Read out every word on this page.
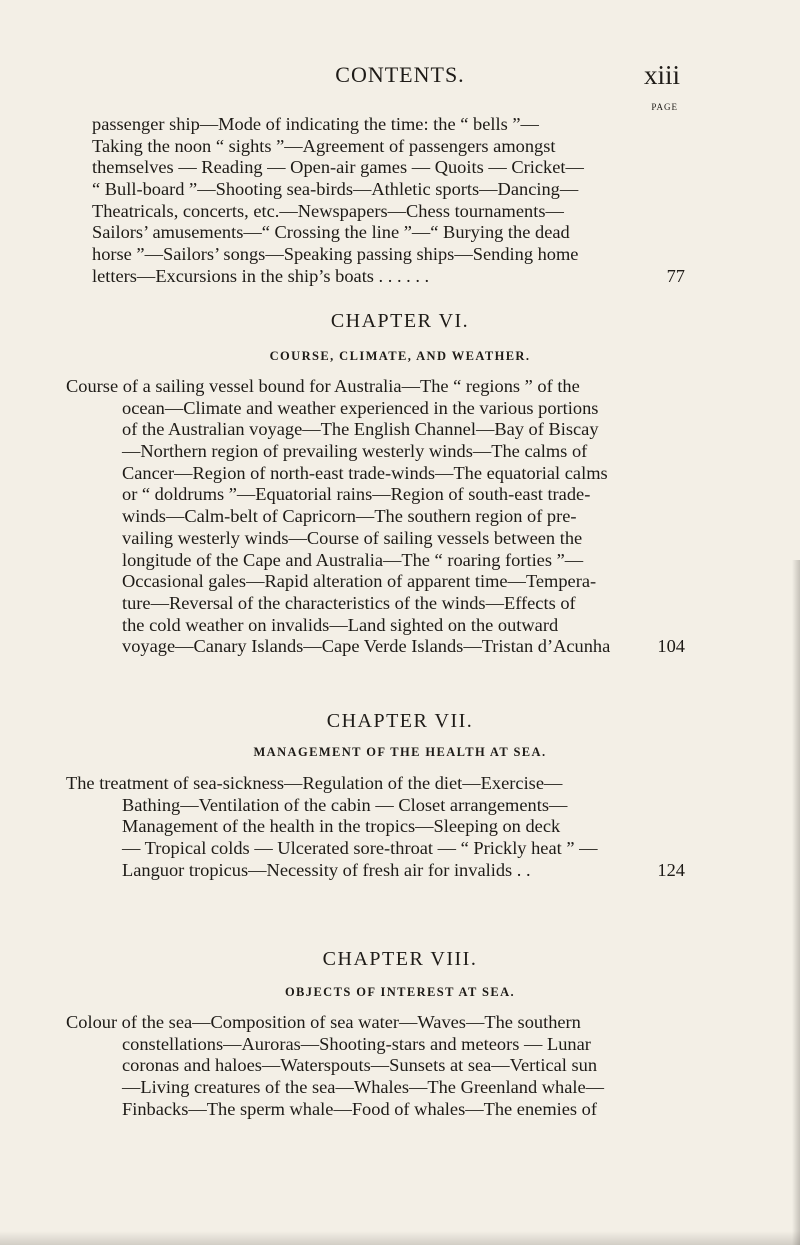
CONTENTS.	xiii
PAGE
passenger ship—Mode of indicating the time: the “ bells ”—
Taking the noon “ sights ”—Agreement of passengers amongst
themselves — Reading — Open-air games — Quoits — Cricket—
“ Bull-board ”—Shooting sea-birds—Athletic sports—Dancing—
Theatricals, concerts, etc.—Newspapers—Chess tournaments—
Sailors’ amusements—“ Crossing the line ”—“ Burying the dead
horse ”—Sailors’ songs—Speaking passing ships—Sending home
letters—Excursions in the ship’s boats . . . . . .	77
CHAPTER VI.
COURSE, CLIMATE, AND WEATHER.
Course of a sailing vessel bound for Australia—The “ regions ” of the
ocean—Climate and weather experienced in the various portions
of the Australian voyage—The English Channel—Bay of Biscay
—Northern region of prevailing westerly winds—The calms of
Cancer—Region of north-east trade-winds—The equatorial calms
or “ doldrums ”—Equatorial rains—Region of south-east trade-
winds—Calm-belt of Capricorn—The southern region of pre-
vailing westerly winds—Course of sailing vessels between the
longitude of the Cape and Australia—The “ roaring forties ”—
Occasional gales—Rapid alteration of apparent time—Tempera-
ture—Reversal of the characteristics of the winds—Effects of
the cold weather on invalids—Land sighted on the outward
voyage—Canary Islands—Cape Verde Islands—Tristan d’Acunha	104
CHAPTER VII.
MANAGEMENT OF THE HEALTH AT SEA.
The treatment of sea-sickness—Regulation of the diet—Exercise—
Bathing—Ventilation of the cabin — Closet arrangements—
Management of the health in the tropics—Sleeping on deck
— Tropical colds — Ulcerated sore-throat — “ Prickly heat ” —
Languor tropicus—Necessity of fresh air for invalids . .	124
CHAPTER VIII.
OBJECTS OF INTEREST AT SEA.
Colour of the sea—Composition of sea water—Waves—The southern
constellations—Auroras—Shooting-stars and meteors — Lunar
coronas and haloes—Waterspouts—Sunsets at sea—Vertical sun
—Living creatures of the sea—Whales—The Greenland whale—
Finbacks—The sperm whale—Food of whales—The enemies of
